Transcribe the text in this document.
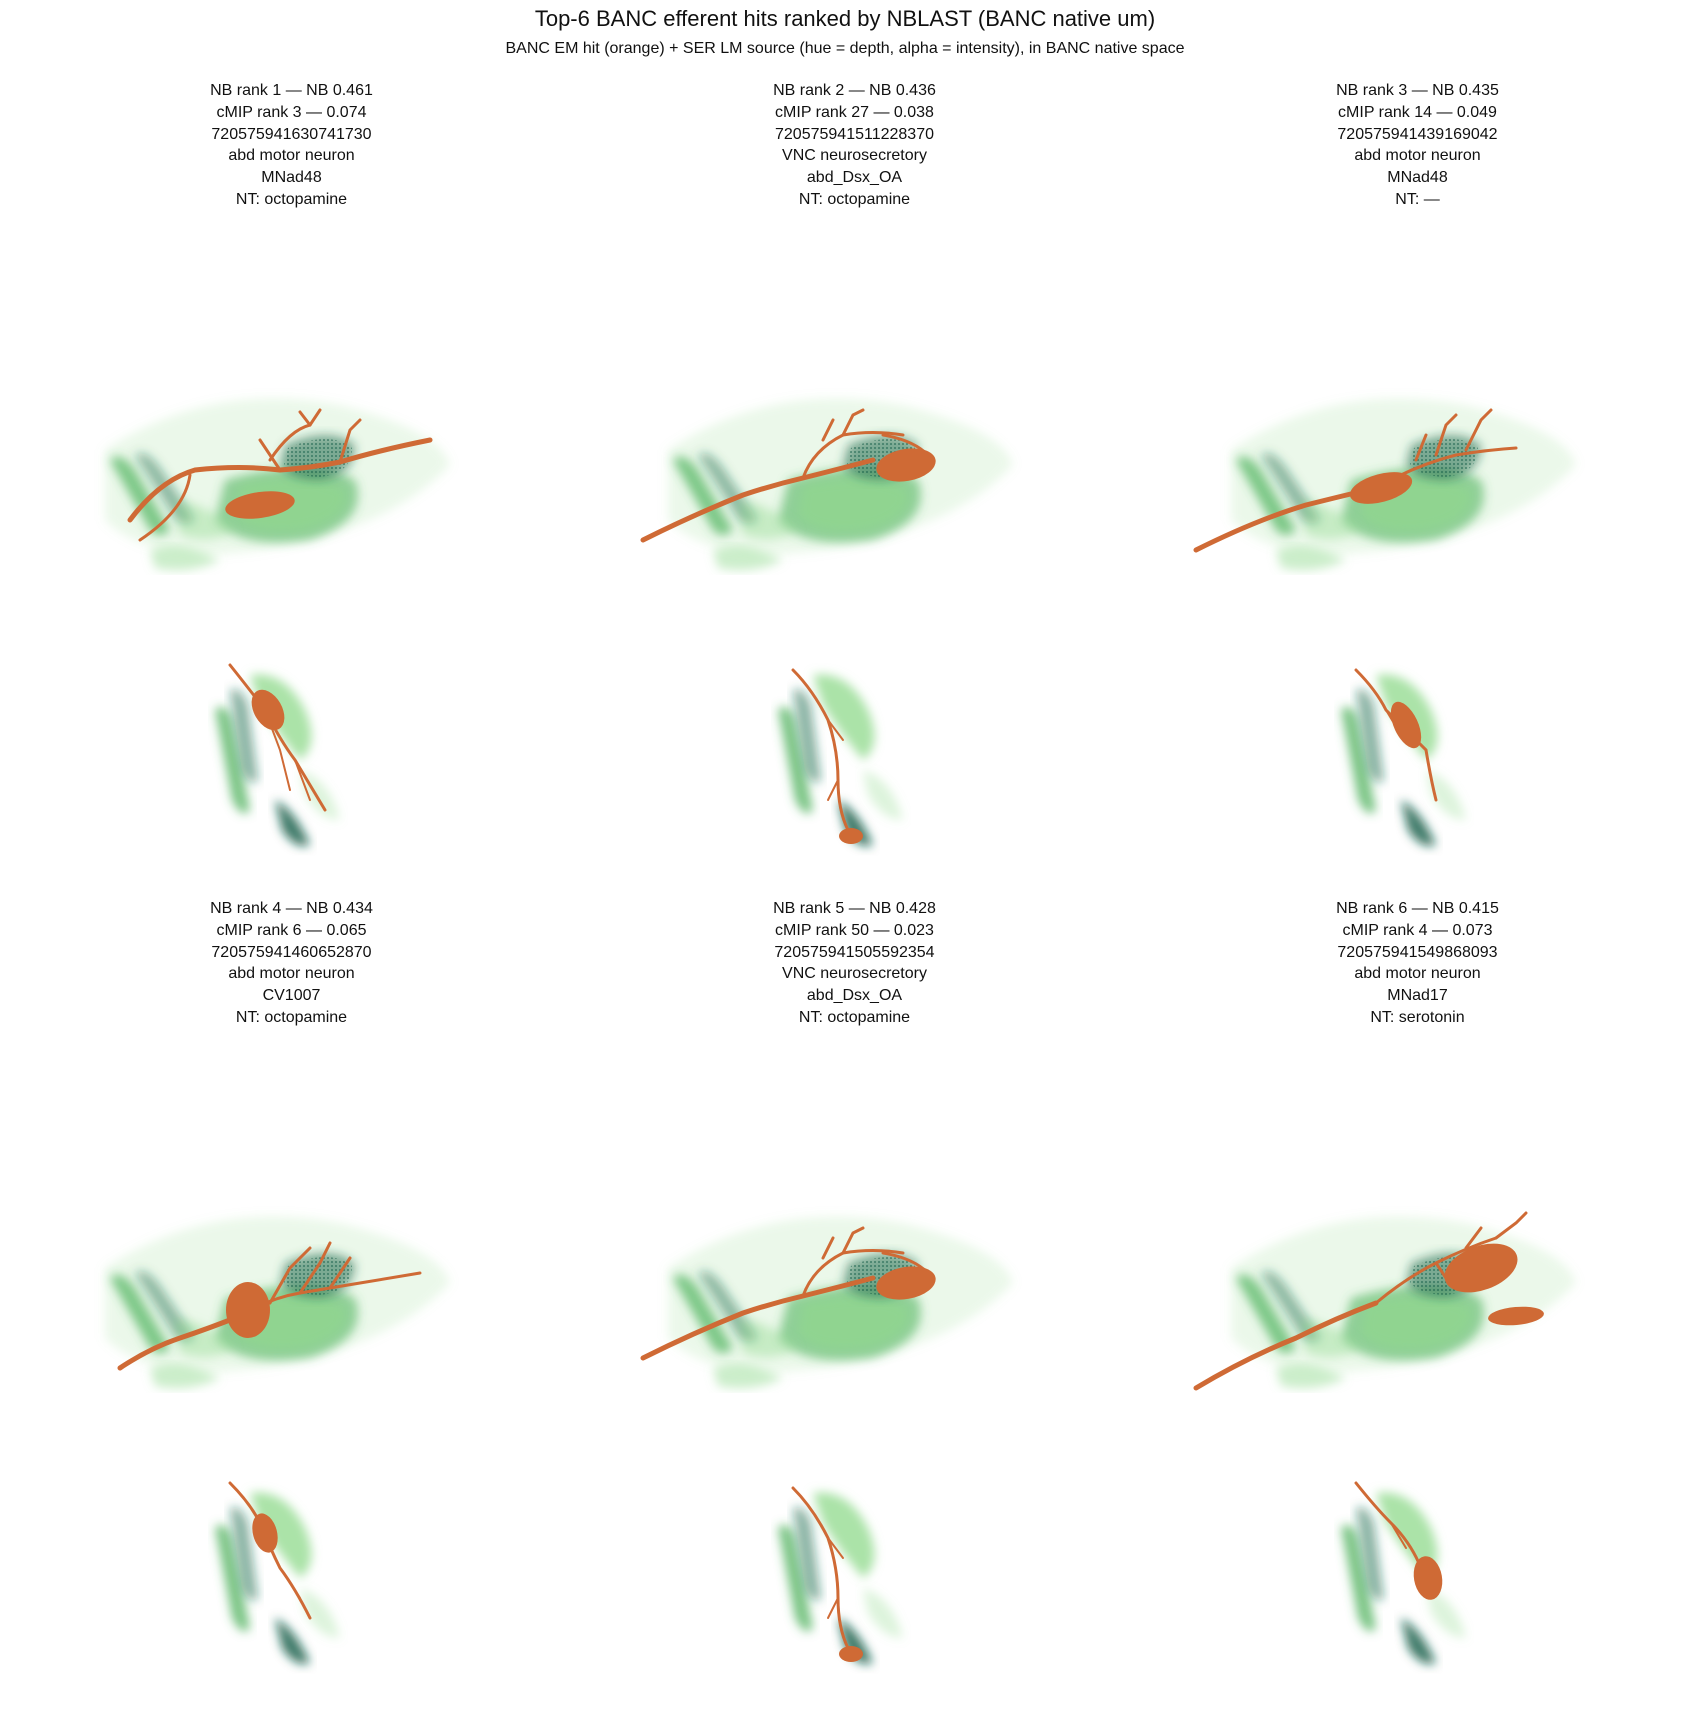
Top-6 BANC efferent hits ranked by NBLAST (BANC native um)
BANC EM hit (orange) + SER LM source (hue = depth, alpha = intensity), in BANC native space
NB rank 1 — NB 0.461
cMIP rank 3 — 0.074
720575941630741730
abd motor neuron
MNad48
NT: octopamine
NB rank 2 — NB 0.436
cMIP rank 27 — 0.038
720575941511228370
VNC neurosecretory
abd_Dsx_OA
NT: octopamine
NB rank 3 — NB 0.435
cMIP rank 14 — 0.049
720575941439169042
abd motor neuron
MNad48
NT: —
NB rank 4 — NB 0.434
cMIP rank 6 — 0.065
720575941460652870
abd motor neuron
CV1007
NT: octopamine
NB rank 5 — NB 0.428
cMIP rank 50 — 0.023
720575941505592354
VNC neurosecretory
abd_Dsx_OA
NT: octopamine
NB rank 6 — NB 0.415
cMIP rank 4 — 0.073
720575941549868093
abd motor neuron
MNad17
NT: serotonin
